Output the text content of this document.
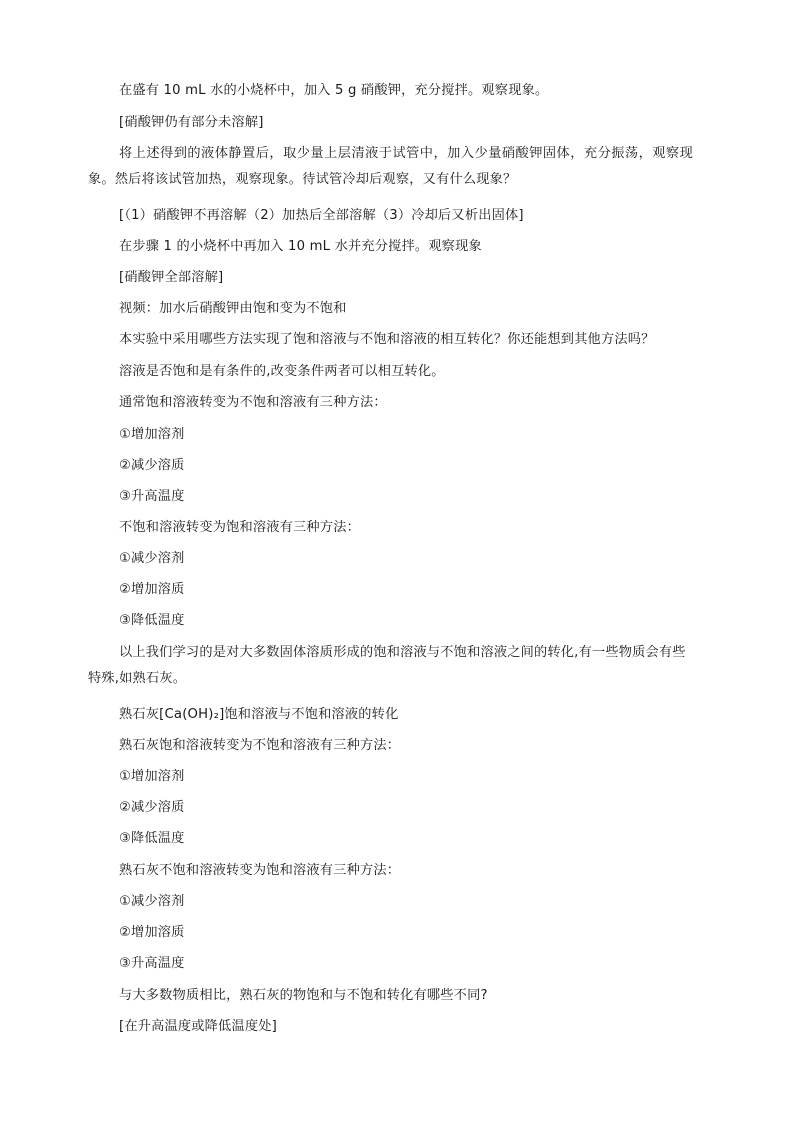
在盛有 10 mL 水的小烧杯中，加入 5 g 硝酸钾，充分搅拌。观察现象。

[硝酸钾仍有部分未溶解]

将上述得到的液体静置后，取少量上层清液于试管中，加入少量硝酸钾固体，充分振荡，观察现象。然后将该试管加热，观察现象。待试管冷却后观察，又有什么现象？

[（1）硝酸钾不再溶解（2）加热后全部溶解（3）冷却后又析出固体]

在步骤 1 的小烧杯中再加入 10 mL 水并充分搅拌。观察现象

[硝酸钾全部溶解]

视频：加水后硝酸钾由饱和变为不饱和

本实验中采用哪些方法实现了饱和溶液与不饱和溶液的相互转化？你还能想到其他方法吗？

溶液是否饱和是有条件的,改变条件两者可以相互转化。

通常饱和溶液转变为不饱和溶液有三种方法：

①增加溶剂

②减少溶质

③升高温度

不饱和溶液转变为饱和溶液有三种方法：

①减少溶剂

②增加溶质

③降低温度

以上我们学习的是对大多数固体溶质形成的饱和溶液与不饱和溶液之间的转化,有一些物质会有些特殊,如熟石灰。

熟石灰[Ca(OH)₂]饱和溶液与不饱和溶液的转化

熟石灰饱和溶液转变为不饱和溶液有三种方法：

①增加溶剂

②减少溶质

③降低温度

熟石灰不饱和溶液转变为饱和溶液有三种方法：

①减少溶剂

②增加溶质

③升高温度

与大多数物质相比，熟石灰的物饱和与不饱和转化有哪些不同?

[在升高温度或降低温度处]
